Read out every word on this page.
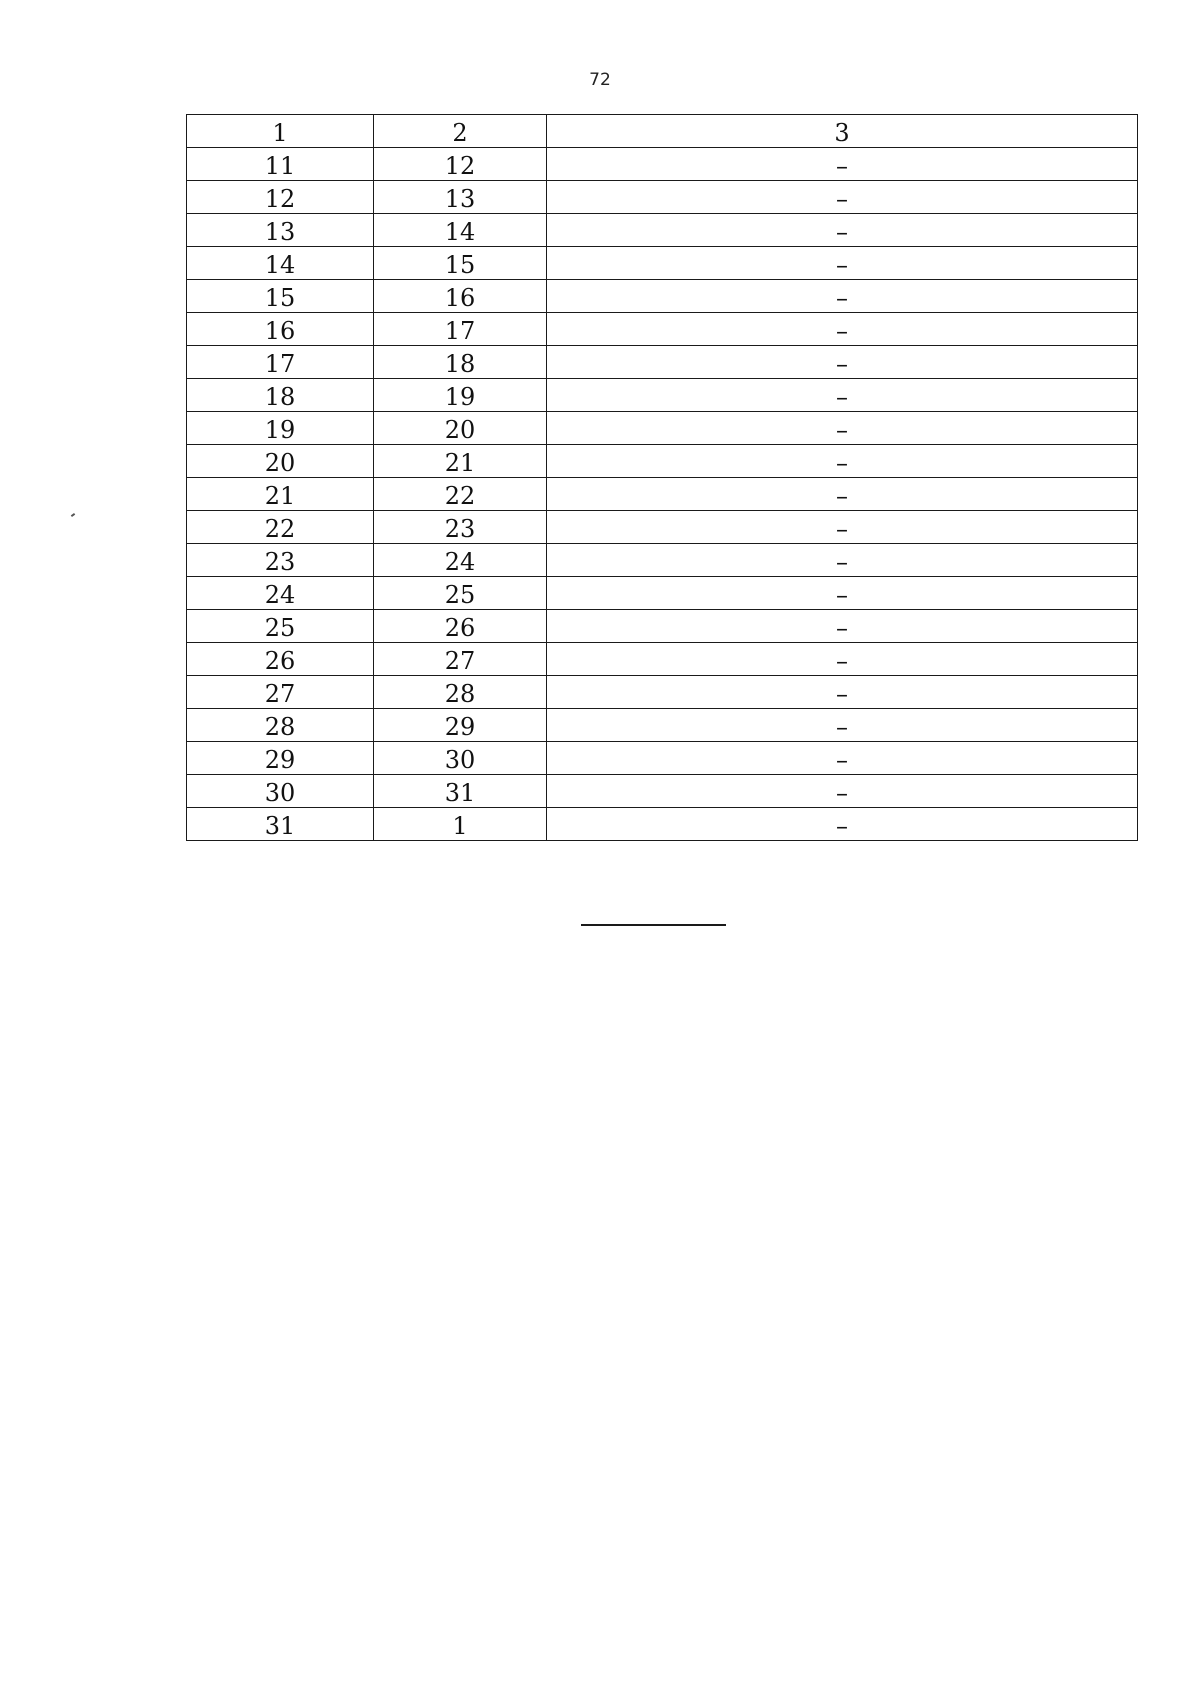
72
1	2	3
11	12	–
12	13	–
13	14	–
14	15	–
15	16	–
16	17	–
17	18	–
18	19	–
19	20	–
20	21	–
21	22	–
22	23	–
23	24	–
24	25	–
25	26	–
26	27	–
27	28	–
28	29	–
29	30	–
30	31	–
31	1	–
